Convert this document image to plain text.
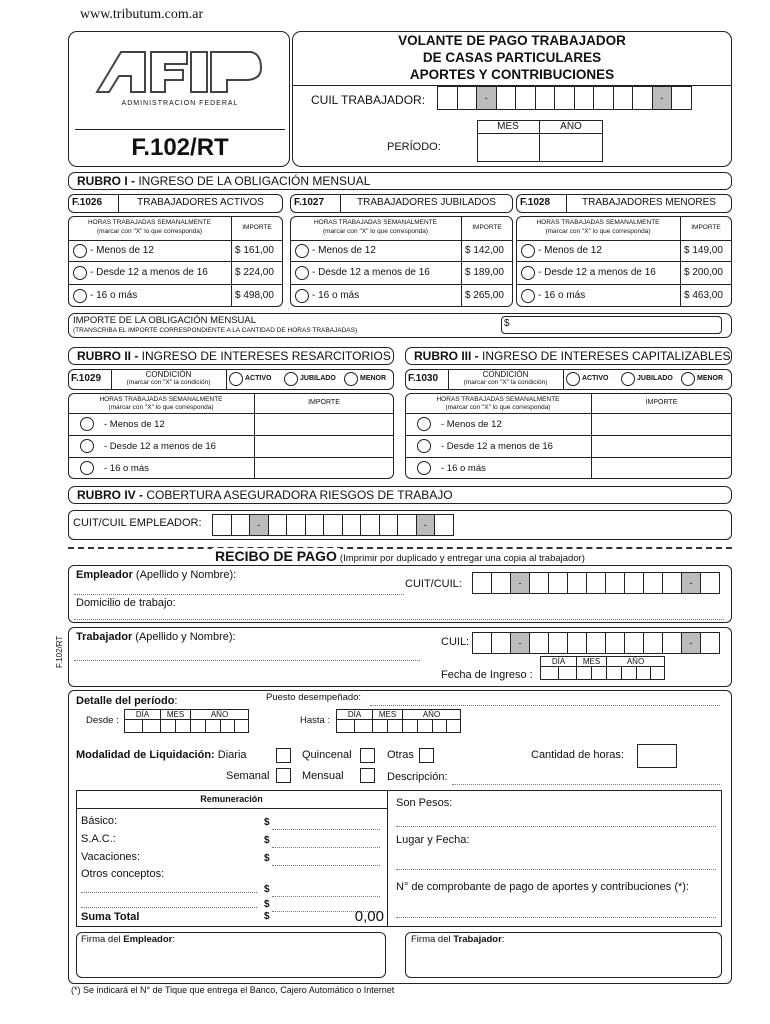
www.tributum.com.ar
ADMINISTRACION FEDERAL
F.102/RT
VOLANTE DE PAGO TRABAJADOR
DE CASAS PARTICULARES
APORTES Y CONTRIBUCIONES
CUIL TRABAJADOR:	-	-
MES	AÑO
PERÍODO:
RUBRO I - INGRESO DE LA OBLIGACIÓN MENSUAL
F.1026	TRABAJADORES ACTIVOS
HORAS TRABAJADAS SEMANALMENTE
(marcar con "X" lo que corresponda)
IMPORTE
- Menos de 12	$ 161,00
- Desde 12 a menos de 16	$ 224,00
- 16 o más	$ 498,00
F.1027	TRABAJADORES JUBILADOS
HORAS TRABAJADAS SEMANALMENTE
(marcar con "X" lo que corresponda)
IMPORTE
- Menos de 12	$ 142,00
- Desde 12 a menos de 16	$ 189,00
- 16 o más	$ 265,00
F.1028	TRABAJADORES MENORES
HORAS TRABAJADAS SEMANALMENTE
(marcar con "X" lo que corresponda)
IMPORTE
- Menos de 12	$ 149,00
- Desde 12 a menos de 16	$ 200,00
- 16 o más	$ 463,00
IMPORTE DE LA OBLIGACIÓN MENSUAL
(TRANSCRIBA EL IMPORTE CORRESPONDIENTE A LA CANTIDAD DE HORAS TRABAJADAS)
$
RUBRO II - INGRESO DE INTERESES RESARCITORIOS	RUBRO III - INGRESO DE INTERESES CAPITALIZABLES
F.1029	CONDICIÓN
(marcar con "X" la condición)
ACTIVO	JUBILADO	MENOR
HORAS TRABAJADAS SEMANALMENTE
(marcar con "X" lo que corresponda)
IMPORTE
- Menos de 12
- Desde 12 a menos de 16
- 16 o más
F.1030	CONDICIÓN
(marcar con "X" la condición)
ACTIVO	JUBILADO	MENOR
HORAS TRABAJADAS SEMANALMENTE
(marcar con "X" lo que corresponda)
IMPORTE
- Menos de 12
- Desde 12 a menos de 16
- 16 o más
RUBRO IV - COBERTURA ASEGURADORA RIESGOS DE TRABAJO
CUIT/CUIL EMPLEADOR:	-	-
RECIBO DE PAGO (Imprimir por duplicado y entregar una copia al trabajador)
Empleador (Apellido y Nombre):
CUIT/CUIL:	-	-
Domicilio de trabajo:
Trabajador (Apellido y Nombre):	CUIL:	-	-
DÍA	MES	AÑO
Fecha de Ingreso :
F.102/RT
Detalle del período:	Puesto desempeñado:
Desde :
DÍA	MES	AÑO
Hasta :
DÍA	MES	AÑO
Modalidad de Liquidación: Diaria	Quincenal	Otras	Cantidad de horas:
Semanal	Mensual	Descripción:
Remuneración
Básico:	$
S.A.C.:	$
Vacaciones:	$
Otros conceptos:
$
$
Suma Total	$	0,00
Son Pesos:
Lugar y Fecha:
N° de comprobante de pago de aportes y contribuciones (*):
Firma del Empleador:	Firma del Trabajador:
(*) Se indicará el N° de Tique que entrega el Banco, Cajero Automático o Internet
